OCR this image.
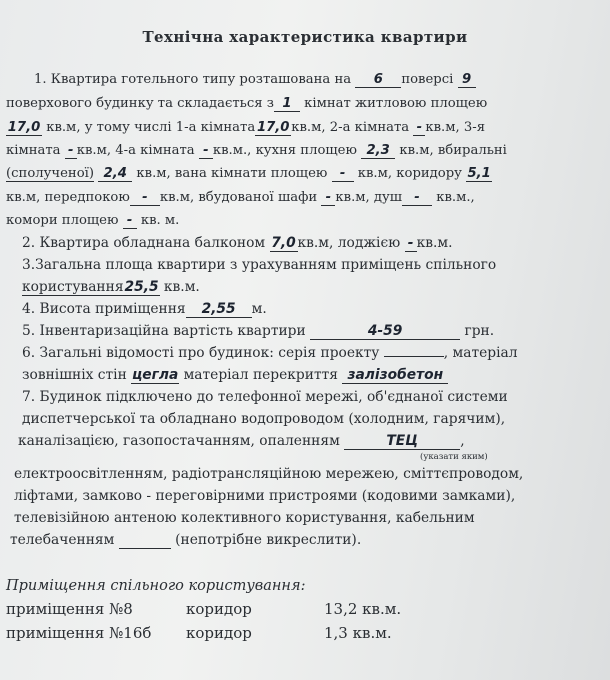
Технічна характеристика квартири
1. Квартира готельного типу розташована на 6 поверсі 9
поверхового будинку та складається з 1 кімнат житловою площею
17,0 кв.м, у тому числі 1-а кімната 17,0 кв.м, 2-а кімната - кв.м, 3-я
кімната - кв.м, 4-а кімната - кв.м., кухня площею 2,3 кв.м, вбиральні
(сполученої) 2,4 кв.м, вана кімнати площею - кв.м, коридору 5,1
кв.м, передпокою - кв.м, вбудованої шафи - кв.м, душ - кв.м.,
комори площею - кв. м.
2. Квартира обладнана балконом 7,0 кв.м, лоджією - кв.м.
3.Загальна площа квартири з урахуванням приміщень спільного
користування25,5 кв.м.
4. Висота приміщення 2,55 м.
5. Інвентаризаційна вартість квартири	4-59	грн.
6. Загальні відомості про будинок: серія проекту	, матеріал
зовнішніх стін цегла матеріал перекриття залізобетон
7. Будинок підключено до телефонної мережі, об'єднаної системи
диспетчерської та обладнано водопроводом (холодним, гарячим),
каналізацією, газопостачанням, опаленням	ТЕЦ	,
(указати яким)
електроосвітленням, радіотрансляційною мережею, сміттєпроводом,
ліфтами, замково - переговірними пристроями (кодовими замками),
телевізійною антеною колективного користування, кабельним
телебаченням	(непотрібне викреслити).
Приміщення спільного користування:
приміщення №8	коридор	13,2 кв.м.
приміщення №16б коридор	1,3 кв.м.
